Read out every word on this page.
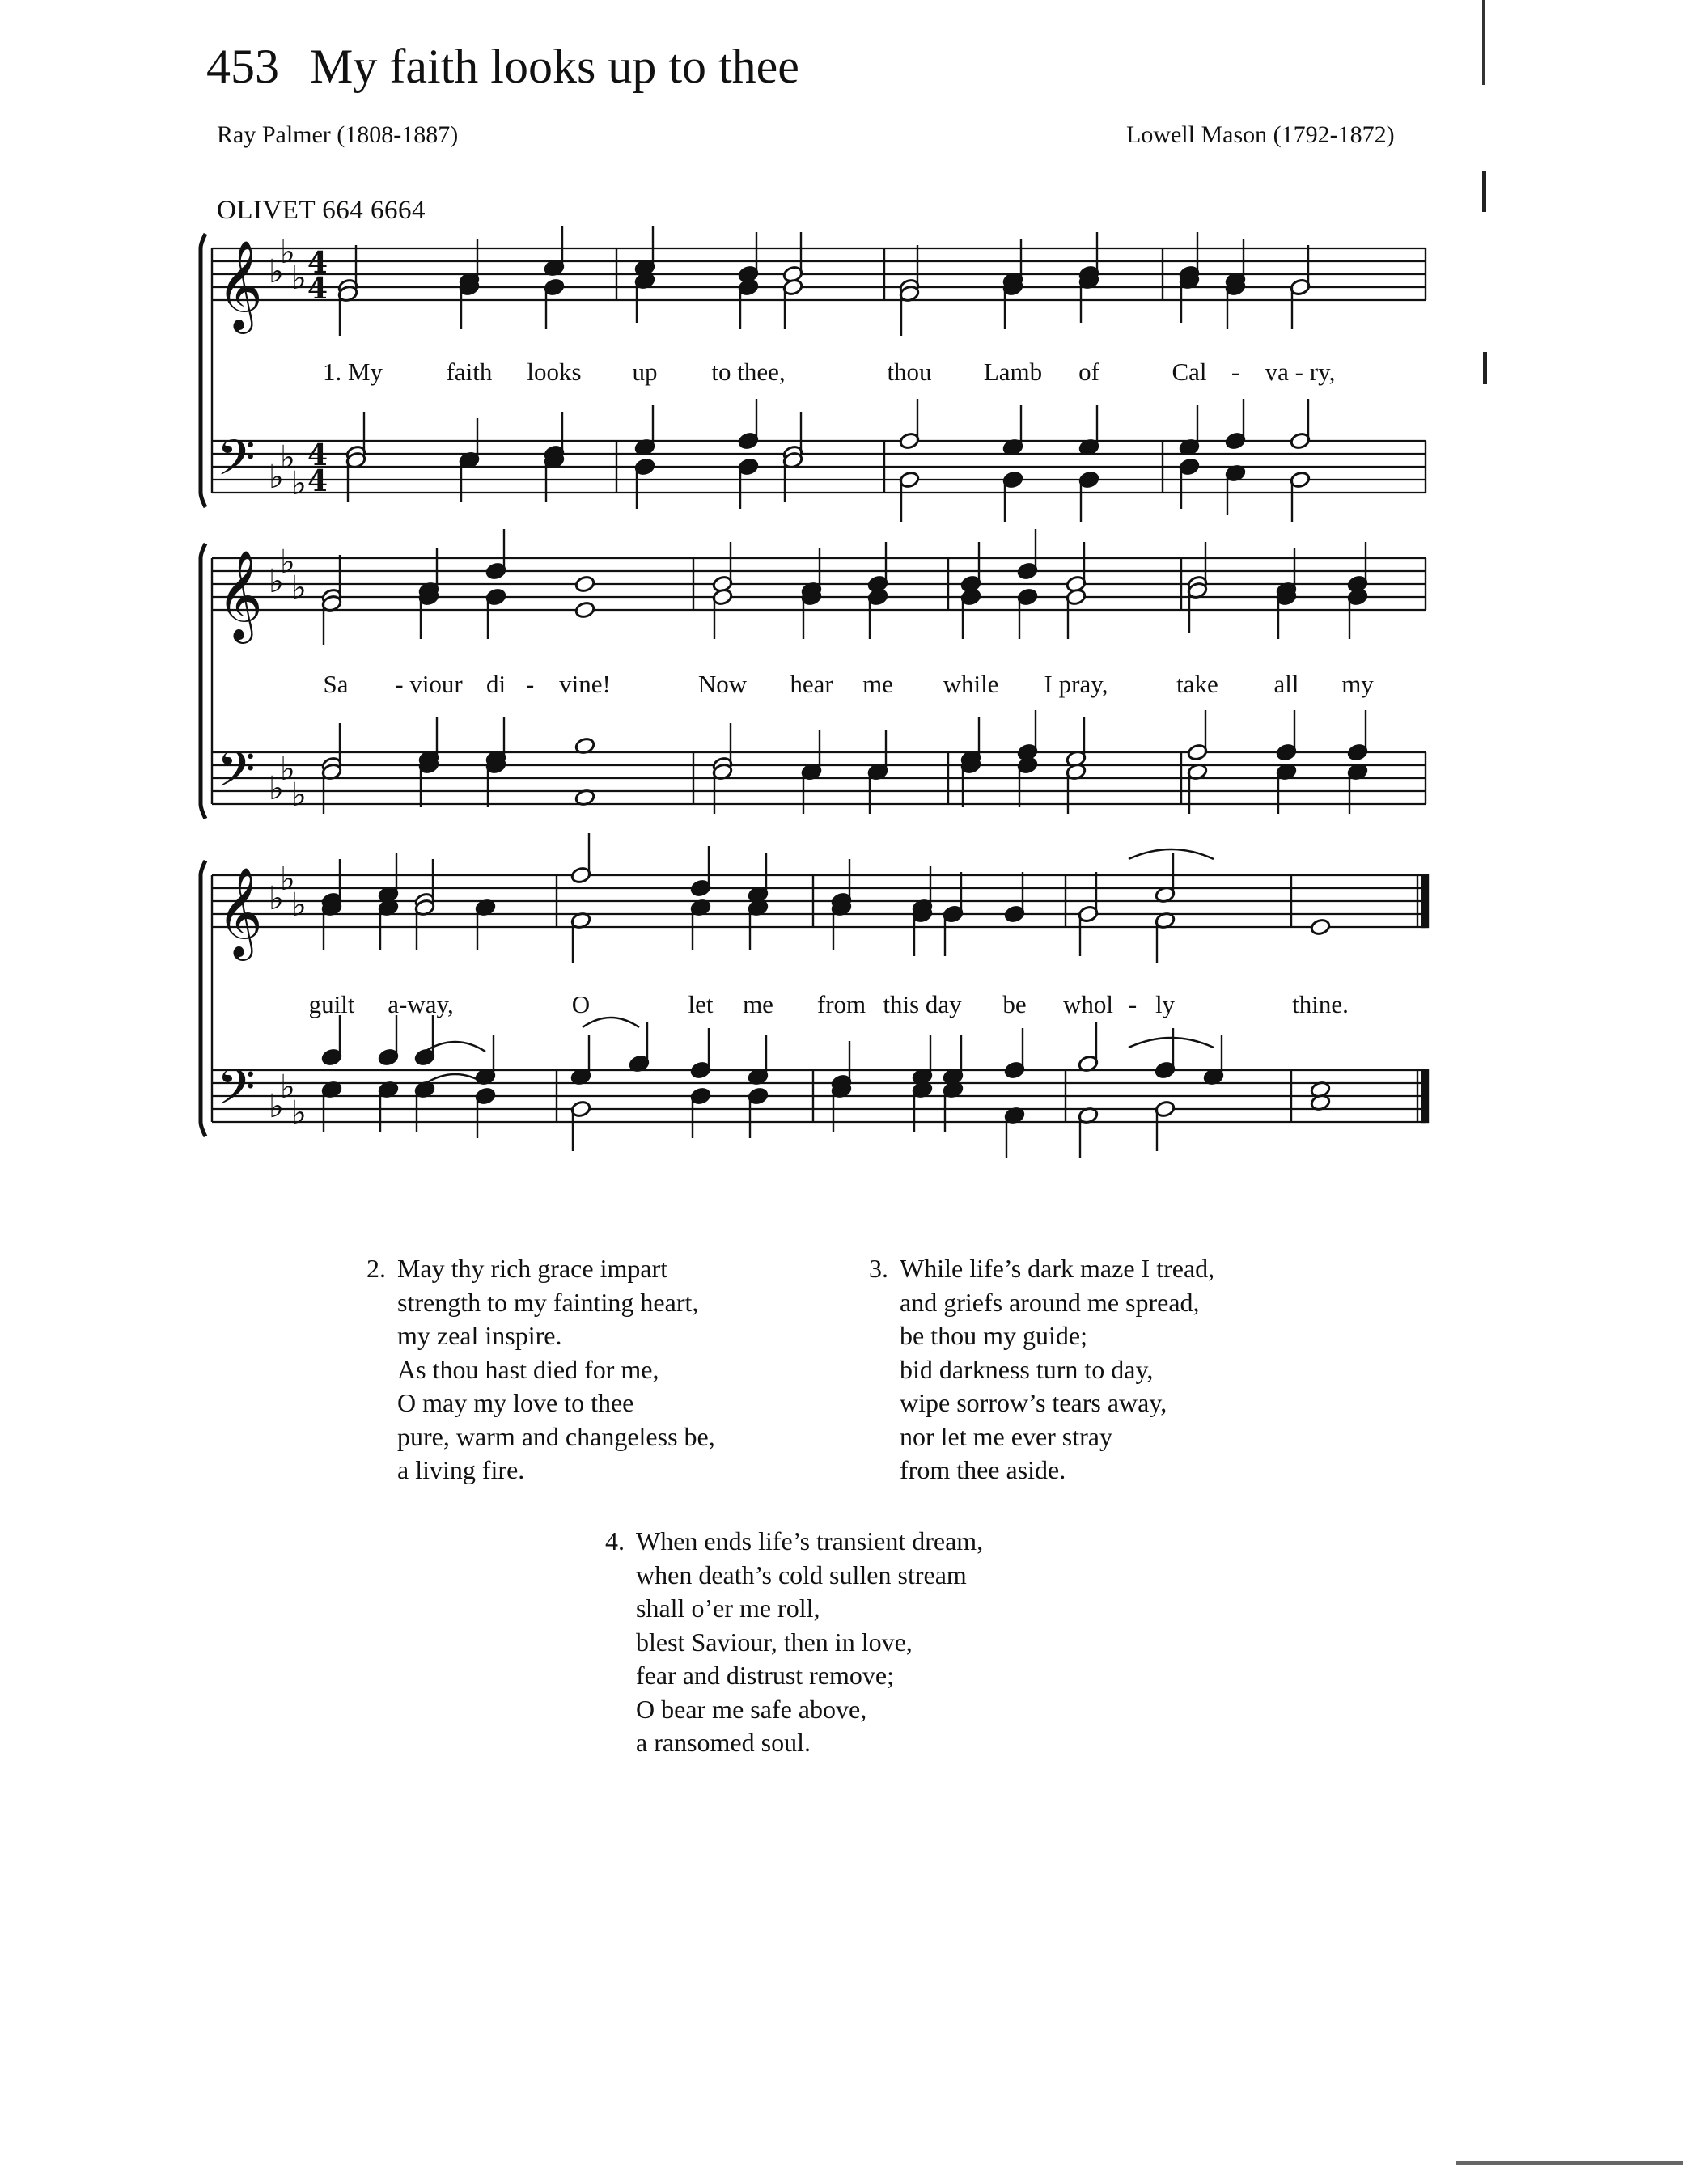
453 My faith looks up to thee
Ray Palmer (1808-1887)	Lowell Mason (1792-1872)
OLIVET 664 6664
𝄞
𝄢
♭
♭
♭
♭
♭
♭
4
4
4
4
𝄞
𝄢
♭
♭
♭
♭
♭
♭
𝄞
𝄢
♭
♭
♭
♭
♭
♭
1. My	faith looks up to thee,	thou Lamb of	Cal - va - ry,
Sa - viour di - vine!	Now hear me while I pray,	take all my
guilt a-way,	O	let me from this day be whol - ly	thine.
2. May thy rich grace impart
strength to my fainting heart,
my zeal inspire.
As thou hast died for me,
O may my love to thee
pure, warm and changeless be,
a living fire.
3. While life’s dark maze I tread,
and griefs around me spread,
be thou my guide;
bid darkness turn to day,
wipe sorrow’s tears away,
nor let me ever stray
from thee aside.
4. When ends life’s transient dream,
when death’s cold sullen stream
shall o’er me roll,
blest Saviour, then in love,
fear and distrust remove;
O bear me safe above,
a ransomed soul.
